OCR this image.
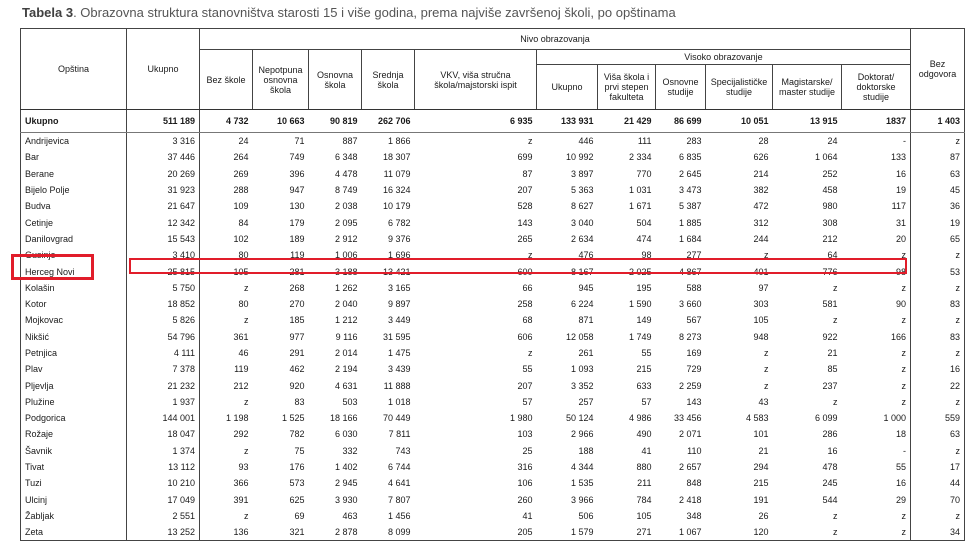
Tabela 3. Obrazovna struktura stanovništva starosti 15 i više godina, prema najviše završenoj školi, po opštinama
Opština	Ukupno	Nivo obrazovanja											Bez odgovora
		Bez škole	Nepotpuna osnovna škola	Osnovna škola	Srednja škola	VKV, viša stručna škola/majstorski ispit	Visoko obrazovanje						
							Ukupno	Viša škola i prvi stepen fakulteta	Osnovne studije	Specijalističke studije	Magistarske/ master studije	Doktorat/ doktorske studije	
Ukupno	511 189	4 732	10 663	90 819	262 706	6 935	133 931	21 429	86 699	10 051	13 915	1837	1 403
Andrijevica	3 316	24	71	887	1 866	z	446	111	283	28	24	-	z
Bar	37 446	264	749	6 348	18 307	699	10 992	2 334	6 835	626	1 064	133	87
Berane	20 269	269	396	4 478	11 079	87	3 897	770	2 645	214	252	16	63
Bijelo Polje	31 923	288	947	8 749	16 324	207	5 363	1 031	3 473	382	458	19	45
Budva	21 647	109	130	2 038	10 179	528	8 627	1 671	5 387	472	980	117	36
Cetinje	12 342	84	179	2 095	6 782	143	3 040	504	1 885	312	308	31	19
Danilovgrad	15 543	102	189	2 912	9 376	265	2 634	474	1 684	244	212	20	65
Gusinje	3 410	80	119	1 006	1 696	z	476	98	277	z	64	z	z
Herceg Novi	25 815	105	281	3 188	13 421	600	8 167	2 025	4 867	401	776	98	53
Kolašin	5 750	z	268	1 262	3 165	66	945	195	588	97	z	z	z
Kotor	18 852	80	270	2 040	9 897	258	6 224	1 590	3 660	303	581	90	83
Mojkovac	5 826	z	185	1 212	3 449	68	871	149	567	105	z	z	z
Nikšić	54 796	361	977	9 116	31 595	606	12 058	1 749	8 273	948	922	166	83
Petnjica	4 111	46	291	2 014	1 475	z	261	55	169	z	21	z	z
Plav	7 378	119	462	2 194	3 439	55	1 093	215	729	z	85	z	16
Pljevlja	21 232	212	920	4 631	11 888	207	3 352	633	2 259	z	237	z	22
Plužine	1 937	z	83	503	1 018	57	257	57	143	43	z	z	z
Podgorica	144 001	1 198	1 525	18 166	70 449	1 980	50 124	4 986	33 456	4 583	6 099	1 000	559
Rožaje	18 047	292	782	6 030	7 811	103	2 966	490	2 071	101	286	18	63
Šavnik	1 374	z	75	332	743	25	188	41	110	21	16	-	z
Tivat	13 112	93	176	1 402	6 744	316	4 344	880	2 657	294	478	55	17
Tuzi	10 210	366	573	2 945	4 641	106	1 535	211	848	215	245	16	44
Ulcinj	17 049	391	625	3 930	7 807	260	3 966	784	2 418	191	544	29	70
Žabljak	2 551	z	69	463	1 456	41	506	105	348	26	z	z	z
Zeta	13 252	136	321	2 878	8 099	205	1 579	271	1 067	120	z	z	34
